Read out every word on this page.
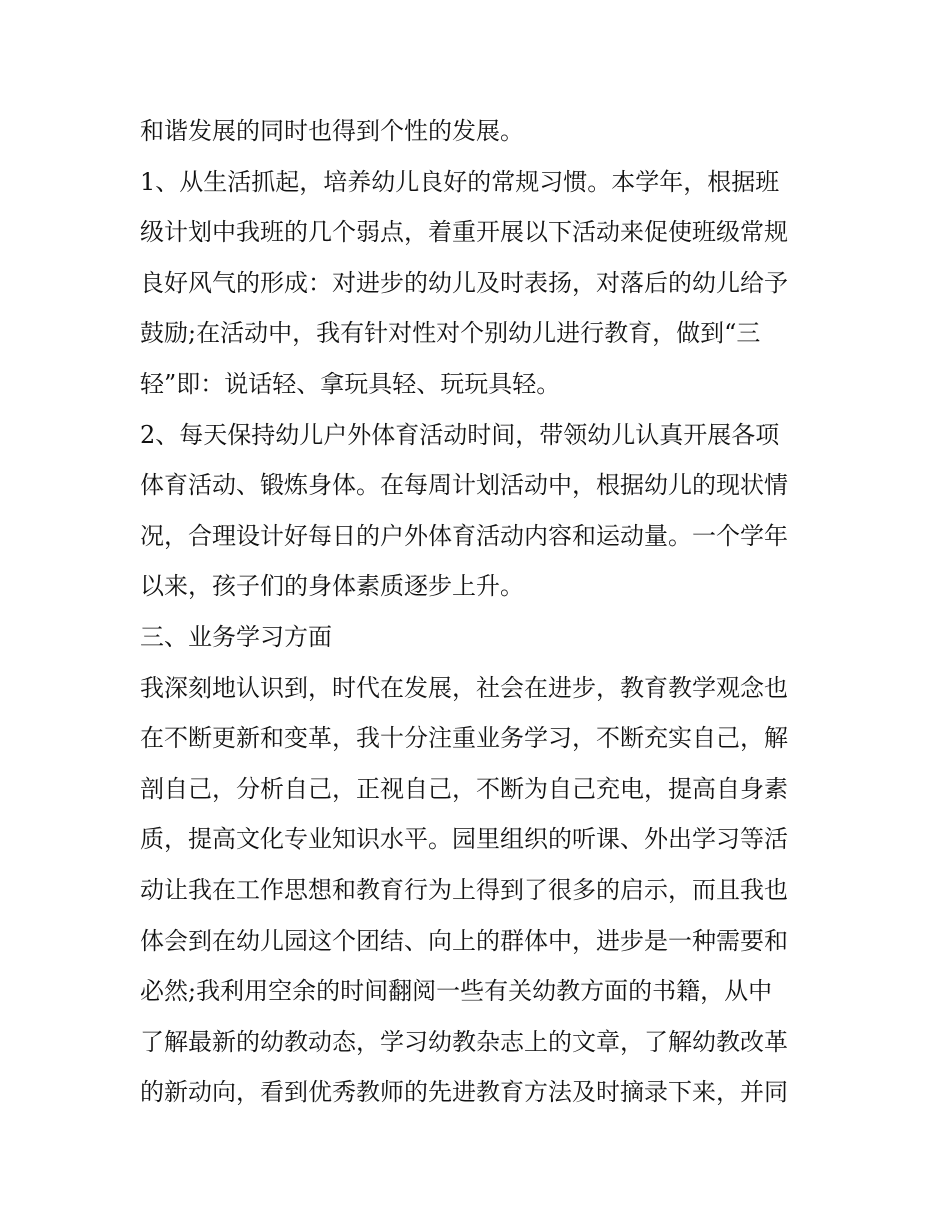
和谐发展的同时也得到个性的发展。
1、从生活抓起，培养幼儿良好的常规习惯。本学年，根据班
级计划中我班的几个弱点，着重开展以下活动来促使班级常规
良好风气的形成：对进步的幼儿及时表扬，对落后的幼儿给予
鼓励;在活动中，我有针对性对个别幼儿进行教育，做到“三
轻”即：说话轻、拿玩具轻、玩玩具轻。
2、每天保持幼儿户外体育活动时间，带领幼儿认真开展各项
体育活动、锻炼身体。在每周计划活动中，根据幼儿的现状情
况，合理设计好每日的户外体育活动内容和运动量。一个学年
以来，孩子们的身体素质逐步上升。
三、业务学习方面
我深刻地认识到，时代在发展，社会在进步，教育教学观念也
在不断更新和变革，我十分注重业务学习，不断充实自己，解
剖自己，分析自己，正视自己，不断为自己充电，提高自身素
质，提高文化专业知识水平。园里组织的听课、外出学习等活
动让我在工作思想和教育行为上得到了很多的启示，而且我也
体会到在幼儿园这个团结、向上的群体中，进步是一种需要和
必然;我利用空余的时间翻阅一些有关幼教方面的书籍，从中
了解最新的幼教动态，学习幼教杂志上的文章，了解幼教改革
的新动向，看到优秀教师的先进教育方法及时摘录下来，并同
